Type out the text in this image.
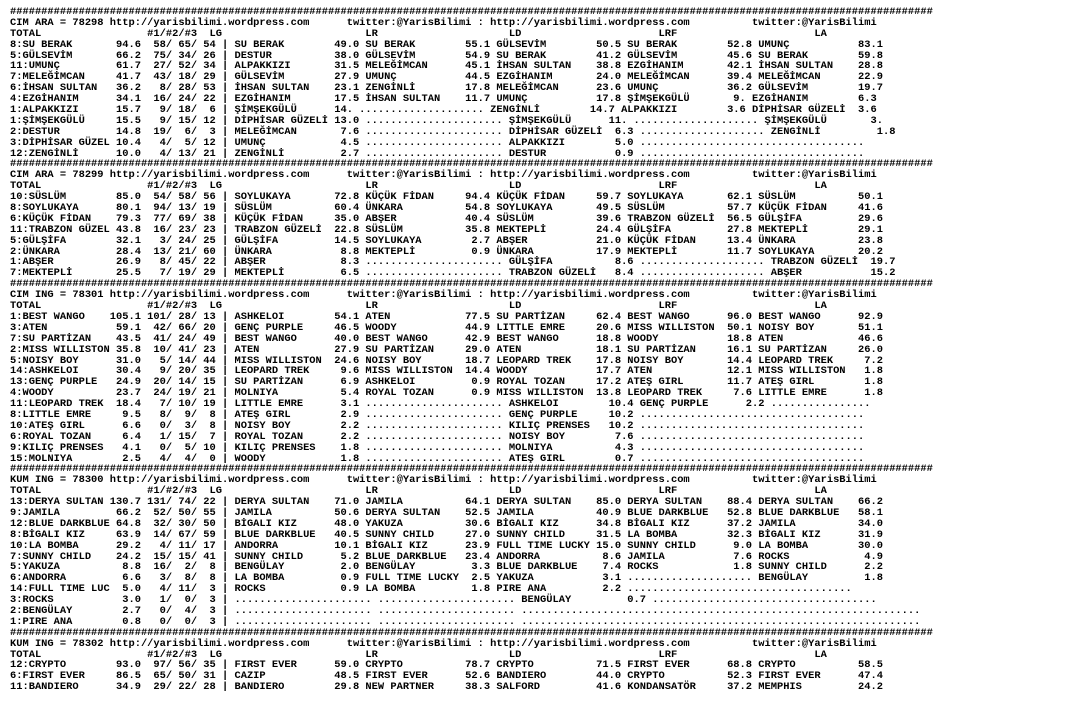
####################################################################################################################################################
CIM ARA = 78298 http://yarisbilimi.wordpress.com      twitter:@YarisBilimi : http://yarisbilimi.wordpress.com          twitter:@YarisBilimi
TOTAL                 #1/#2/#3  LG                       LR                     LD                      LRF                      LA
8:SU BERAK       94.6  58/ 65/ 54 | SU BERAK        49.0 SU BERAK        55.1 GÜLSEVİM        50.5 SU BERAK        52.8 UMUNÇ           83.1
5:GÜLSEVİM       66.2  75/ 34/ 26 | DESTUR          38.0 GÜLSEVİM        54.9 SU BERAK        41.2 GÜLSEVİM        45.6 SU BERAK        59.8
11:UMUNÇ         61.7  27/ 52/ 34 | ALPAKKIZI       31.5 MELEĞİMCAN      45.1 İHSAN SULTAN    38.8 EZGİHANIM       42.1 İHSAN SULTAN    28.8
7:MELEĞİMCAN     41.7  43/ 18/ 29 | GÜLSEVİM        27.9 UMUNÇ           44.5 EZGİHANIM       24.0 MELEĞİMCAN      39.4 MELEĞİMCAN      22.9
6:İHSAN SULTAN   36.2   8/ 28/ 53 | İHSAN SULTAN    23.1 ZENGİNLİ        17.8 MELEĞİMCAN      23.6 UMUNÇ           36.2 GÜLSEVİM        19.7
4:EZGİHANIM      34.1  16/ 24/ 22 | EZGİHANIM       17.5 İHSAN SULTAN    11.7 UMUNÇ           17.8 ŞİMŞEKGÜLÜ       9. EZGİHANIM        6.3
1:ALPAKKIZI      15.7   9/ 18/  6 | ŞİMŞEKGÜLÜ      14. .................... ZENGİNLİ        14.7 ALPAKKIZI        3.6 DİPHİSAR GÜZELİ  3.6
1:ŞİMŞEKGÜLÜ     15.5   9/ 15/ 12 | DİPHİSAR GÜZELİ 13.0 ...................... ŞİMŞEKGÜLÜ      11. .................... ŞİMŞEKGÜLÜ       3.
2:DESTUR         14.8  19/  6/  3 | MELEĞİMCAN       7.6 ...................... DİPHİSAR GÜZELİ  6.3 .................... ZENGİNLİ         1.8
3:DİPHİSAR GÜZEL 10.4   4/  5/ 12 | UMUNÇ            4.5 ...................... ALPAKKIZI        5.0 ....................................
12:ZENGİNLİ      10.0   4/ 13/ 21 | ZENGİNLİ         2.7 ...................... DESTUR           0.9 ....................................
####################################################################################################################################################
CIM ARA = 78299 http://yarisbilimi.wordpress.com      twitter:@YarisBilimi : http://yarisbilimi.wordpress.com          twitter:@YarisBilimi
TOTAL                 #1/#2/#3  LG                       LR                     LD                      LRF                      LA
10:SÜSLÜM        85.0  54/ 58/ 56 | SOYLUKAYA       72.8 KÜÇÜK FİDAN     94.4 KÜÇÜK FİDAN     59.7 SOYLUKAYA       62.1 SÜSLÜM          50.1
8:SOYLUKAYA      80.1  94/ 13/ 19 | SÜSLÜM          60.4 ÜNKARA          54.8 SOYLUKAYA       49.5 SÜSLÜM          57.7 KÜÇÜK FİDAN     41.6
6:KÜÇÜK FİDAN    79.3  77/ 69/ 38 | KÜÇÜK FİDAN     35.0 ABŞER           40.4 SÜSLÜM          39.6 TRABZON GÜZELİ  56.5 GÜLŞİFA         29.6
11:TRABZON GÜZEL 43.8  16/ 23/ 23 | TRABZON GÜZELİ  22.8 SÜSLÜM          35.8 MEKTEPLİ        24.4 GÜLŞİFA         27.8 MEKTEPLİ        29.1
5:GÜLŞİFA        32.1   3/ 24/ 25 | GÜLŞİFA         14.5 SOYLUKAYA        2.7 ABŞER           21.0 KÜÇÜK FİDAN     13.4 ÜNKARA          23.8
2:ÜNKARA         28.4  13/ 21/ 60 | ÜNKARA           8.8 MEKTEPLİ         0.9 ÜNKARA          17.9 MEKTEPLİ        11.7 SOYLUKAYA       20.2
1:ABŞER          26.9   8/ 45/ 22 | ABŞER            8.3 ...................... GÜLŞİFA          8.6 .................... TRABZON GÜZELİ  19.7
7:MEKTEPLİ       25.5   7/ 19/ 29 | MEKTEPLİ         6.5 ...................... TRABZON GÜZELİ   8.4 .................... ABŞER           15.2
####################################################################################################################################################
CIM ING = 78301 http://yarisbilimi.wordpress.com      twitter:@YarisBilimi : http://yarisbilimi.wordpress.com          twitter:@YarisBilimi
TOTAL                 #1/#2/#3  LG                       LR                     LD                      LRF                      LA
1:BEST WANGO    105.1 101/ 28/ 13 | ASHKELOI        54.1 ATEN            77.5 SU PARTİZAN     62.4 BEST WANGO      96.0 BEST WANGO      92.9
3:ATEN           59.1  42/ 66/ 20 | GENÇ PURPLE     46.5 WOODY           44.9 LITTLE EMRE     20.6 MISS WILLISTON  50.1 NOISY BOY       51.1
7:SU PARTİZAN    43.5  41/ 24/ 49 | BEST WANGO      40.0 BEST WANGO      42.9 BEST WANGO      18.8 WOODY           18.8 ATEN            46.6
2:MISS WILLISTON 35.8  10/ 41/ 23 | ATEN            27.9 SU PARTİZAN     29.0 ATEN            18.1 SU PARTİZAN     16.1 SU PARTİZAN     26.0
5:NOISY BOY      31.0   5/ 14/ 44 | MISS WILLISTON  24.6 NOISY BOY       18.7 LEOPARD TREK    17.8 NOISY BOY       14.4 LEOPARD TREK     7.2
14:ASHKELOI      30.4   9/ 20/ 35 | LEOPARD TREK     9.6 MISS WILLISTON  14.4 WOODY           17.7 ATEN            12.1 MISS WILLISTON   1.8
13:GENÇ PURPLE   24.9  20/ 14/ 15 | SU PARTİZAN      6.9 ASHKELOI         0.9 ROYAL TOZAN     17.2 ATEŞ GIRL       11.7 ATEŞ GIRL        1.8
4:WOODY          23.7  24/ 19/ 21 | MOLNIYA          5.4 ROYAL TOZAN      0.9 MISS WILLISTON  13.8 LEOPARD TREK     7.6 LITTLE EMRE      1.8
11:LEOPARD TREK  18.4   7/ 10/ 19 | LITTLE EMRE      3.1 ...................... ASHKELOI        10.4 GENÇ PURPLE      2.2 ................
8:LITTLE EMRE     9.5   8/  9/  8 | ATEŞ GIRL        2.9 ...................... GENÇ PURPLE     10.2 ....................................
10:ATEŞ GIRL      6.6   0/  3/  8 | NOISY BOY        2.2 ...................... KILIÇ PRENSES   10.2 ....................................
6:ROYAL TOZAN     6.4   1/ 15/  7 | ROYAL TOZAN      2.2 ...................... NOISY BOY        7.6 ....................................
9:KILIÇ PRENSES   4.1   0/  5/ 10 | KILIÇ PRENSES    1.8 ...................... MOLNIYA          4.3 ....................................
15:MOLNIYA        2.5   4/  4/  0 | WOODY            1.8 ...................... ATEŞ GIRL        0.7 ....................................
####################################################################################################################################################
KUM ING = 78300 http://yarisbilimi.wordpress.com      twitter:@YarisBilimi : http://yarisbilimi.wordpress.com          twitter:@YarisBilimi
TOTAL                 #1/#2/#3  LG                       LR                     LD                      LRF                      LA
13:DERYA SULTAN 130.7 131/ 74/ 22 | DERYA SULTAN    71.0 JAMILA          64.1 DERYA SULTAN    85.0 DERYA SULTAN    88.4 DERYA SULTAN    66.2
9:JAMILA         66.2  52/ 50/ 55 | JAMILA          50.6 DERYA SULTAN    52.5 JAMILA          40.9 BLUE DARKBLUE   52.8 BLUE DARKBLUE   58.1
12:BLUE DARKBLUE 64.8  32/ 30/ 50 | BİGALI KIZ      48.0 YAKUZA          30.6 BİGALI KIZ      34.8 BİGALI KIZ      37.2 JAMILA          34.0
8:BİGALI KIZ     63.9  14/ 67/ 59 | BLUE DARKBLUE   40.5 SUNNY CHILD     27.0 SUNNY CHILD     31.5 LA BOMBA        32.3 BİGALI KIZ      31.9
10:LA BOMBA      29.2   4/ 11/ 17 | ANDORRA         10.1 BİGALI KIZ      23.9 FULL TIME LUCKY 15.0 SUNNY CHILD      9.0 LA BOMBA        30.0
7:SUNNY CHILD    24.2  15/ 15/ 41 | SUNNY CHILD      5.2 BLUE DARKBLUE   23.4 ANDORRA          8.6 JAMILA           7.6 ROCKS            4.9
5:YAKUZA          8.8  16/  2/  8 | BENGÜLAY         2.0 BENGÜLAY         3.3 BLUE DARKBLUE    7.4 ROCKS            1.8 SUNNY CHILD      2.2
6:ANDORRA         6.6   3/  8/  8 | LA BOMBA         0.9 FULL TIME LUCKY  2.5 YAKUZA           3.1 .................... BENGÜLAY         1.8
14:FULL TIME LUC  5.0   4/ 11/  3 | ROCKS            0.9 LA BOMBA         1.8 PIRE ANA         2.2 ....................................
3:ROCKS           3.0   1/  0/  3 | ...................... ...................... BENGÜLAY         0.7 ....................................
2:BENGÜLAY        2.7   0/  4/  3 | ...................... ...................... ................................................................
1:PIRE ANA        0.8   0/  0/  3 | ...................... ...................... ................................................................
####################################################################################################################################################
KUM ING = 78302 http://yarisbilimi.wordpress.com      twitter:@YarisBilimi : http://yarisbilimi.wordpress.com          twitter:@YarisBilimi
TOTAL                 #1/#2/#3  LG                       LR                     LD                      LRF                      LA
12:CRYPTO        93.0  97/ 56/ 35 | FIRST EVER      59.0 CRYPTO          78.7 CRYPTO          71.5 FIRST EVER      68.8 CRYPTO          58.5
6:FIRST EVER     86.5  65/ 50/ 31 | CAZIP           48.5 FIRST EVER      52.6 BANDIERO        44.0 CRYPTO          52.3 FIRST EVER      47.4
11:BANDIERO      34.9  29/ 22/ 28 | BANDIERO        29.8 NEW PARTNER     38.3 SALFORD         41.6 KONDANSATÖR     37.2 MEMPHIS         24.2
